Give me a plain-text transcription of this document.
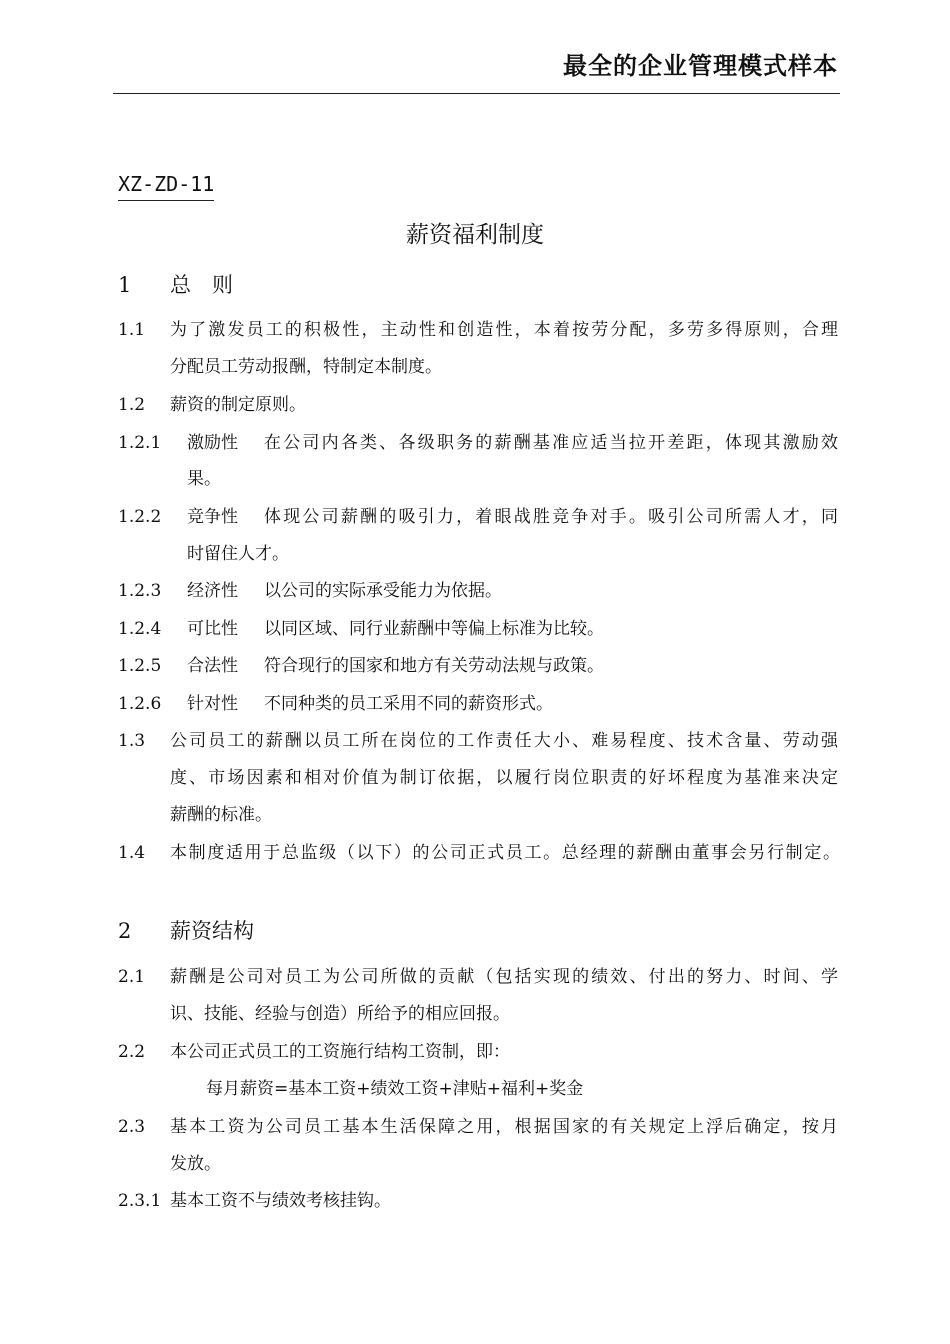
最全的企业管理模式样本
XZ-ZD-11
薪资福利制度
1 总　则
1.1 为了激发员工的积极性，主动性和创造性，本着按劳分配，多劳多得原则，合理
分配员工劳动报酬，特制定本制度。
1.2 薪资的制定原则。
1.2.1 激励性 在公司内各类、各级职务的薪酬基准应适当拉开差距，体现其激励效
果。
1.2.2 竞争性 体现公司薪酬的吸引力，着眼战胜竞争对手。吸引公司所需人才，同
时留住人才。
1.2.3 经济性 以公司的实际承受能力为依据。
1.2.4 可比性 以同区域、同行业薪酬中等偏上标准为比较。
1.2.5 合法性 符合现行的国家和地方有关劳动法规与政策。
1.2.6 针对性 不同种类的员工采用不同的薪资形式。
1.3 公司员工的薪酬以员工所在岗位的工作责任大小、难易程度、技术含量、劳动强
度、市场因素和相对价值为制订依据，以履行岗位职责的好坏程度为基准来决定
薪酬的标准。
1.4 本制度适用于总监级（以下）的公司正式员工。总经理的薪酬由董事会另行制定。
2 薪资结构
2.1 薪酬是公司对员工为公司所做的贡献（包括实现的绩效、付出的努力、时间、学
识、技能、经验与创造）所给予的相应回报。
2.2 本公司正式员工的工资施行结构工资制，即：
每月薪资=基本工资+绩效工资+津贴+福利+奖金
2.3 基本工资为公司员工基本生活保障之用，根据国家的有关规定上浮后确定，按月
发放。
2.3.1 基本工资不与绩效考核挂钩。
